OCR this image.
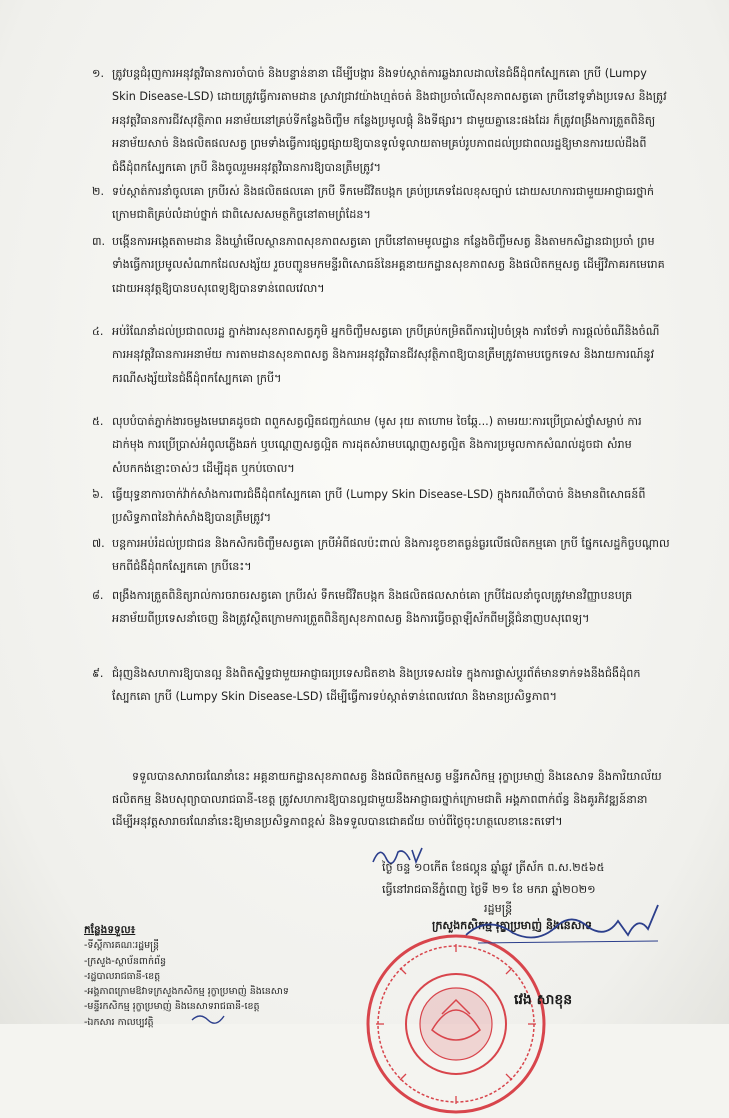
១. ត្រូវបន្តជំរុញការអនុវត្តវិធានការចាំបាច់ និងបន្ទាន់នានា ដើម្បីបង្ការ និងទប់ស្កាត់ការឆ្លងរាលដាលនៃជំងឺដុំពកស្បែកគោ ក្របី (Lumpy Skin Disease-LSD) ដោយត្រូវធ្វើការតាមដាន ស្រាវជ្រាវយ៉ាងហ្មត់ចត់ និងជាប្រចាំលើសុខភាពសត្វគោ ក្របីនៅទូទាំងប្រទេស និងត្រូវអនុវត្តវិធានការជីវសុវត្ថិភាព អនាម័យនៅគ្រប់ទីកន្លែងចិញ្ចឹម កន្លែងប្រមូលផ្តុំ និងទីផ្សារ។ ជាមួយគ្នានេះផងដែរ ក៏ត្រូវពង្រឹងការត្រួតពិនិត្យអនាម័យសាច់ និងផលិតផលសត្វ ព្រមទាំងធ្វើការផ្សព្វផ្សាយឱ្យបានទូលំទូលាយតាមគ្រប់រូបភាពដល់ប្រជាពលរដ្ឋឱ្យមានការយល់ដឹងពីជំងឺដុំពកស្បែកគោ ក្របី និងចូលរួមអនុវត្តវិធានការឱ្យបានត្រឹមត្រូវ។
២. ទប់ស្កាត់ការនាំចូលគោ ក្របីរស់ និងផលិតផលគោ ក្របី ទឹកមេជីវិតបង្កក គ្រប់ប្រភេទដែលខុសច្បាប់ ដោយសហការជាមួយអាជ្ញាធរថ្នាក់ក្រោមជាតិគ្រប់លំដាប់ថ្នាក់ ជាពិសេសសមត្ថកិច្ចនៅតាមព្រំដែន។
៣. បង្កើនការអង្កេតតាមដាន និងឃ្លាំមើលស្ថានភាពសុខភាពសត្វគោ ក្របីនៅតាមមូលដ្ឋាន កន្លែងចិញ្ចឹមសត្វ និងតាមកសិដ្ឋានជាប្រចាំ ព្រមទាំងធ្វើការប្រមូលសំណាកដែលសង្ស័យ រួចបញ្ជូនមកមន្ទីរពិសោធន៍នៃអគ្គនាយកដ្ឋានសុខភាពសត្វ និងផលិតកម្មសត្វ ដើម្បីវិភាគរកមេរោគដោយអនុវត្តឱ្យបានបសុពេទ្យឱ្យបានទាន់ពេលវេលា។
៤. អប់រំណែនាំដល់ប្រជាពលរដ្ឋ ភ្នាក់ងារសុខភាពសត្វភូមិ អ្នកចិញ្ចឹមសត្វគោ ក្របីគ្រប់កម្រិតពីការរៀបចំទ្រុង ការថែទាំ ការផ្តល់ចំណីនិងចំណី ការអនុវត្តវិធានការអនាម័យ ការតាមដានសុខភាពសត្វ និងការអនុវត្តវិធានជីវសុវត្ថិភាពឱ្យបានត្រឹមត្រូវតាមបច្ចេកទេស និងរាយការណ៍នូវករណីសង្ស័យនៃជំងឺដុំពកស្បែកគោ ក្របី។
៥. លុបបំបាត់ភ្នាក់ងារចម្លងមេរោគដូចជា ពពួកសត្វល្អិតជញ្ជក់ឈាម (មូស រុយ តាហោម ចៃឆ្កែ...) តាមរយៈការប្រើប្រាស់ថ្នាំសម្លាប់ ការដាក់មុង ការប្រើប្រាស់អំពូលភ្លើងឆក់ ឬបណ្តេញសត្វល្អិត ការដុតសំរាមបណ្តេញសត្វល្អិត និងការប្រមូលកាកសំណល់ដូចជា សំរាម សំបកកង់ខ្មោះចាស់ៗ ដើម្បីដុត ឬកប់ចោល។
៦. ធ្វើយុទ្ធនាការចាក់វ៉ាក់សាំងការពារជំងឺដុំពកស្បែកគោ ក្របី (Lumpy Skin Disease-LSD) ក្នុងករណីចាំបាច់ និងមានពិសោធន៍ពីប្រសិទ្ធភាពនៃវ៉ាក់សាំងឱ្យបានត្រឹមត្រូវ។
៧. បន្តការអប់រំដល់ប្រជាជន និងកសិករចិញ្ចឹមសត្វគោ ក្របីអំពីផលប៉ះពាល់ និងការខូចខាតធ្ងន់ធ្ងរលើផលិតកម្មគោ ក្របី ផ្នែកសេដ្ឋកិច្ចបណ្តាលមកពីជំងឺដុំពកស្បែកគោ ក្របីនេះ។
៨. ពង្រឹងការត្រួតពិនិត្យរាល់ការចរាចរសត្វគោ ក្របីរស់ ទឹកមេជីវិតបង្កក និងផលិតផលសាច់គោ ក្របីដែលនាំចូលត្រូវមានវិញ្ញាបនបត្រអនាម័យពីប្រទេសនាំចេញ និងត្រូវស្ថិតក្រោមការត្រួតពិនិត្យសុខភាពសត្វ និងការធ្វើចត្តាឡីស័កពីមន្ត្រីជំនាញបសុពេទ្យ។
៩. ជំរុញនិងសហការឱ្យបានល្អ និងពិតស្និទ្ធជាមួយអាជ្ញាធរប្រទេសជិតខាង និងប្រទេសដទៃ ក្នុងការផ្លាស់ប្តូរព័ត៌មានទាក់ទងនឹងជំងឺដុំពកស្បែកគោ ក្របី (Lumpy Skin Disease-LSD) ដើម្បីធ្វើការទប់ស្កាត់ទាន់ពេលវេលា និងមានប្រសិទ្ធភាព។
ទទួលបានសារាចរណែនាំនេះ អគ្គនាយកដ្ឋានសុខភាពសត្វ និងផលិតកម្មសត្វ មន្ទីរកសិកម្ម រុក្ខាប្រមាញ់ និងនេសាទ និងការិយាល័យផលិតកម្ម និងបសុព្យាបាលរាជធានី-ខេត្ត ត្រូវសហការឱ្យបានល្អជាមួយនឹងអាជ្ញាធរថ្នាក់ក្រោមជាតិ អង្គភាពពាក់ព័ន្ធ និងគូរភិវឌ្ឍន៍នានា ដើម្បីអនុវត្តសារាចរណែនាំនេះឱ្យមានប្រសិទ្ធភាពខ្ពស់ និងទទួលបានជោគជ័យ ចាប់ពីថ្ងៃចុះហត្ថលេខានេះតទៅ។
ថ្ងៃ ចន្ទ ១០កើត ខែផល្គុន ឆ្នាំឆ្លូវ ត្រីស័ក ព.ស.២៥៦៥
ធ្វើនៅរាជធានីភ្នំពេញ ថ្ងៃទី ២១ ខែ មករា ឆ្នាំ២០២១
រដ្ឋមន្ត្រី
ក្រសួងកសិកម្ម រុក្ខាប្រមាញ់ និងនេសាទ
កន្លែងទទួល៖
-ទីស្តីការគណៈរដ្ឋមន្ត្រី
-ក្រសួង-ស្ថាប័នពាក់ព័ន្ធ
-រដ្ឋបាលរាជធានី-ខេត្ត
-អង្គភាពក្រោមឱវាទក្រសួងកសិកម្ម រុក្ខាប្រមាញ់ និងនេសាទ
-មន្ទីរកសិកម្ម រុក្ខាប្រមាញ់ និងនេសាទរាជធានី-ខេត្ត
-ឯកសារ កាលប្បវត្តិ
វេង សាខុន
